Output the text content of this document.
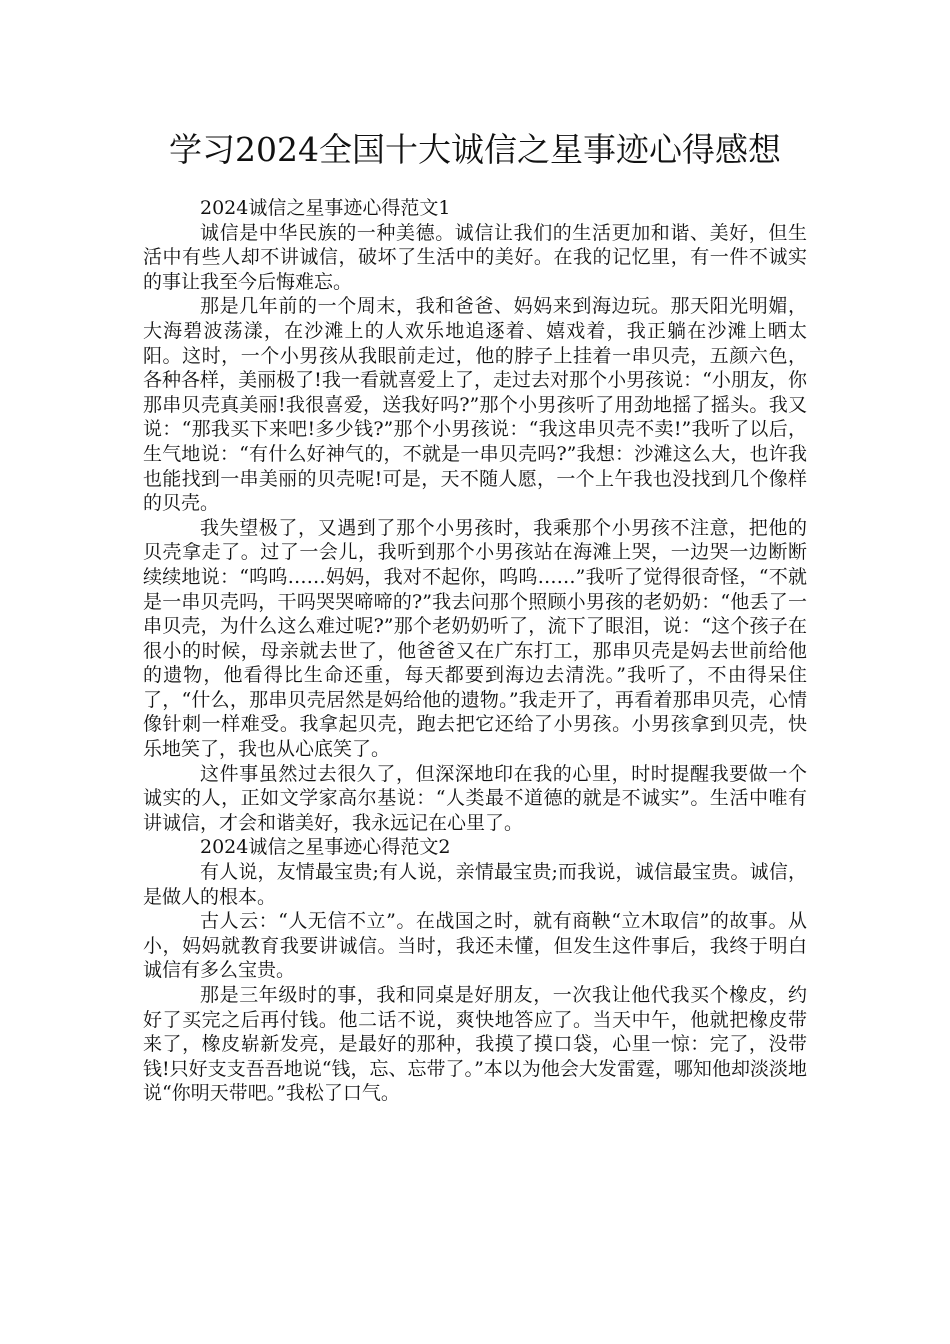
学习2024全国十大诚信之星事迹心得感想

2024诚信之星事迹心得范文1

诚信是中华民族的一种美德。诚信让我们的生活更加和谐、美好，但生活中有些人却不讲诚信，破坏了生活中的美好。在我的记忆里，有一件不诚实的事让我至今后悔难忘。

那是几年前的一个周末，我和爸爸、妈妈来到海边玩。那天阳光明媚，大海碧波荡漾，在沙滩上的人欢乐地追逐着、嬉戏着，我正躺在沙滩上晒太阳。这时，一个小男孩从我眼前走过，他的脖子上挂着一串贝壳，五颜六色，各种各样，美丽极了!我一看就喜爱上了，走过去对那个小男孩说：“小朋友，你那串贝壳真美丽!我很喜爱，送我好吗?”那个小男孩听了用劲地摇了摇头。我又说：“那我买下来吧!多少钱?”那个小男孩说：“我这串贝壳不卖!”我听了以后，生气地说：“有什么好神气的，不就是一串贝壳吗?”我想：沙滩这么大，也许我也能找到一串美丽的贝壳呢!可是，天不随人愿，一个上午我也没找到几个像样的贝壳。

我失望极了，又遇到了那个小男孩时，我乘那个小男孩不注意，把他的贝壳拿走了。过了一会儿，我听到那个小男孩站在海滩上哭，一边哭一边断断续续地说：“呜呜……妈妈，我对不起你，呜呜……”我听了觉得很奇怪，“不就是一串贝壳吗，干吗哭哭啼啼的?”我去问那个照顾小男孩的老奶奶：“他丢了一串贝壳，为什么这么难过呢?”那个老奶奶听了，流下了眼泪，说：“这个孩子在很小的时候，母亲就去世了，他爸爸又在广东打工，那串贝壳是妈去世前给他的遗物，他看得比生命还重，每天都要到海边去清洗。”我听了，不由得呆住了，“什么，那串贝壳居然是妈给他的遗物。”我走开了，再看着那串贝壳，心情像针刺一样难受。我拿起贝壳，跑去把它还给了小男孩。小男孩拿到贝壳，快乐地笑了，我也从心底笑了。

这件事虽然过去很久了，但深深地印在我的心里，时时提醒我要做一个诚实的人，正如文学家高尔基说：“人类最不道德的就是不诚实”。生活中唯有讲诚信，才会和谐美好，我永远记在心里了。

2024诚信之星事迹心得范文2

有人说，友情最宝贵;有人说，亲情最宝贵;而我说，诚信最宝贵。诚信，是做人的根本。

古人云：“人无信不立”。在战国之时，就有商鞅“立木取信”的故事。从小，妈妈就教育我要讲诚信。当时，我还未懂，但发生这件事后，我终于明白诚信有多么宝贵。

那是三年级时的事，我和同桌是好朋友，一次我让他代我买个橡皮，约好了买完之后再付钱。他二话不说，爽快地答应了。当天中午，他就把橡皮带来了，橡皮崭新发亮，是最好的那种，我摸了摸口袋，心里一惊：完了，没带钱!只好支支吾吾地说“钱，忘、忘带了。”本以为他会大发雷霆，哪知他却淡淡地说“你明天带吧。”我松了口气。
